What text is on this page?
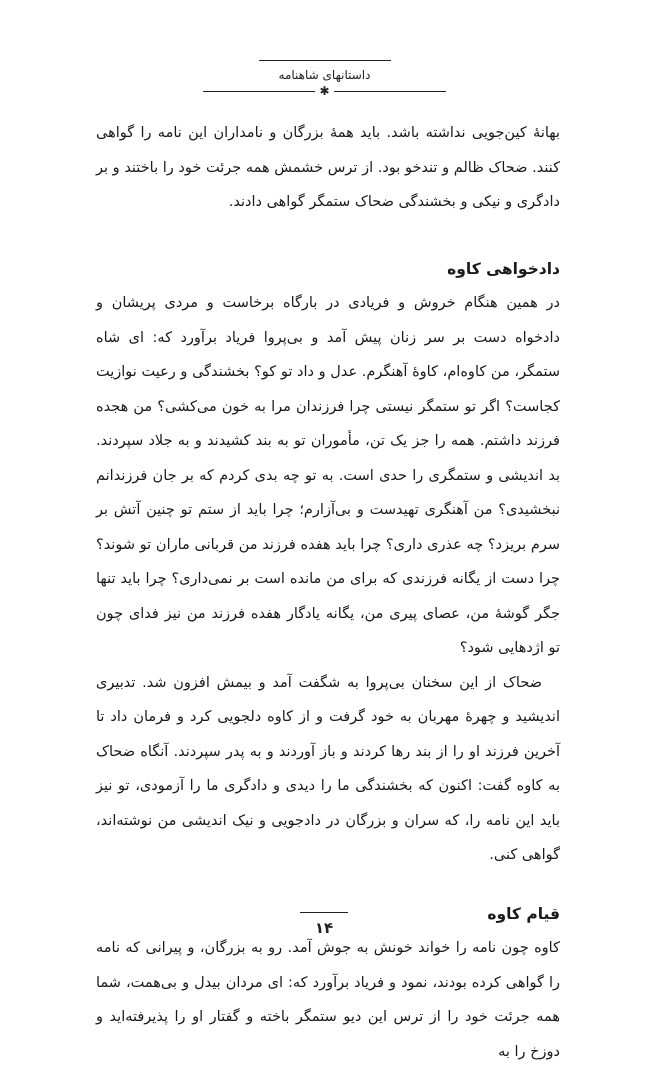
داستانهای شاهنامه
✱

بهانهٔ کین‌جویی نداشته باشد. باید همهٔ بزرگان و نامداران این نامه را گواهی کنند. ضحاک ظالم و تندخو بود. از ترس خشمش همه جرئت خود را باختند و بر دادگری و نیکی و بخشندگی ضحاک ستمگر گواهی دادند.

دادخواهی کاوه

در همین هنگام خروش و فریادی در بارگاه برخاست و مردی پریشان و دادخواه دست بر سر زنان پیش آمد و بی‌پروا فریاد برآورد که: ای شاه ستمگر، من کاوه‌ام، کاوهٔ آهنگرم. عدل و داد تو کو؟ بخشندگی و رعیت نوازیت کجاست؟ اگر تو ستمگر نیستی چرا فرزندان مرا به خون می‌کشی؟ من هجده فرزند داشتم. همه را جز یک تن، مأموران تو به بند کشیدند و به جلاد سپردند. بد اندیشی و ستمگری را حدی است. به تو چه بدی کردم که بر جان فرزندانم نبخشیدی؟ من آهنگری تهیدست و بی‌آزارم؛ چرا باید از ستم تو چنین آتش بر سرم بریزد؟ چه عذری داری؟ چرا باید هفده فرزند من قربانی ماران تو شوند؟ چرا دست از یگانه فرزندی که برای من مانده است بر نمی‌داری؟ چرا باید تنها جگر گوشهٔ من، عصای پیری من، یگانه یادگار هفده فرزند من نیز فدای چون تو اژدهایی شود؟

ضحاک از این سخنان بی‌پروا به شگفت آمد و بیمش افزون شد. تدبیری اندیشید و چهرهٔ مهربان به خود گرفت و از کاوه دلجویی کرد و فرمان داد تا آخرین فرزند او را از بند رها کردند و باز آوردند و به پدر سپردند. آنگاه ضحاک به کاوه گفت: اکنون که بخشندگی ما را دیدی و دادگری ما را آزمودی، تو نیز باید این نامه را، که سران و بزرگان در دادجویی و نیک اندیشی من نوشته‌اند، گواهی کنی.

قیام کاوه

کاوه چون نامه را خواند خونش به جوش آمد. رو به بزرگان، و پیرانی که نامه را گواهی کرده بودند، نمود و فریاد برآورد که: ای مردان بیدل و بی‌همت، شما همه جرئت خود را از ترس این دیو ستمگر باخته و گفتار او را پذیرفته‌اید و دوزخ را به

۱۴
